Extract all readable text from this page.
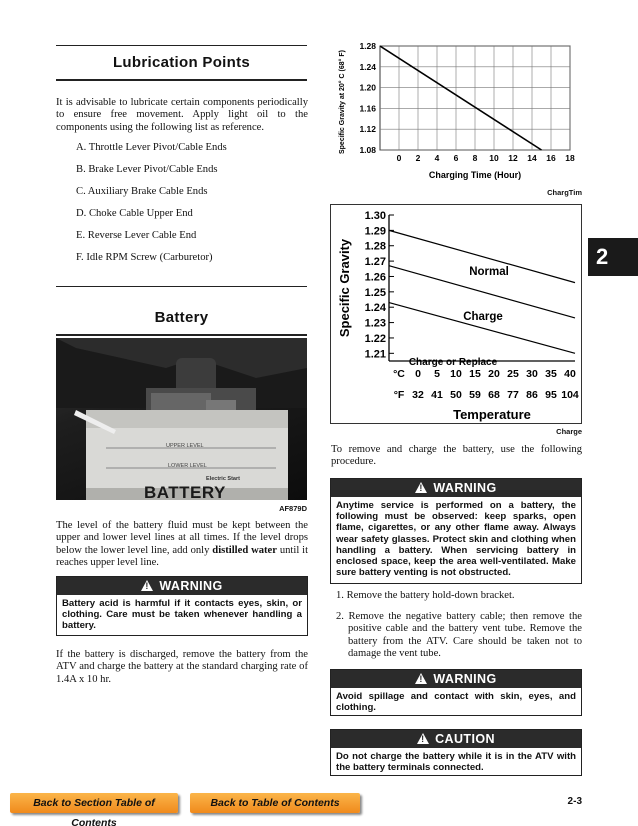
Lubrication Points
It is advisable to lubricate certain components periodically to ensure free movement. Apply light oil to the components using the following list as reference.
A. Throttle Lever Pivot/Cable Ends
B. Brake Lever Pivot/Cable Ends
C. Auxiliary Brake Cable Ends
D. Choke Cable Upper End
E. Reverse Lever Cable End
F. Idle RPM Screw (Carburetor)
Battery
UPPER LEVEL
LOWER LEVEL
Electric Start
BATTERY
AF879D
The level of the battery fluid must be kept between the upper and lower level lines at all times. If the level drops below the lower level line, add only distilled water until it reaches upper level line.
!WARNING
Battery acid is harmful if it contacts eyes, skin, or clothing. Care must be taken whenever handling a battery.
If the battery is discharged, remove the battery from the ATV and charge the battery at the standard charging rate of 1.4A x 10 hr.
1.08
1.12
1.16
1.20
1.24
1.28
0 2 4 6 8 10 12 14 16 18
Charging Time (Hour)
Specific Gravity at 20° C (68° F)
ChargTim
1.30
1.29
1.28
1.27
1.26
1.25
1.24
1.23
1.22
1.21
°C 0 5 10 15 20 25 30 35 40
°F 32 41 50 59 68 77 86 95 104
Normal
Charge
Charge or Replace
Temperature
Specific Gravity
Charge
To remove and charge the battery, use the following procedure.
!WARNING
Anytime service is performed on a battery, the following must be observed: keep sparks, open flame, cigarettes, or any other flame away. Always wear safety glasses. Protect skin and clothing when handling a battery. When servicing battery in enclosed space, keep the area well-ventilated. Make sure battery venting is not obstructed.
1. Remove the battery hold-down bracket.
2. Remove the negative battery cable; then remove the positive cable and the battery vent tube. Remove the battery from the ATV. Care should be taken not to damage the vent tube.
!WARNING
Avoid spillage and contact with skin, eyes, and clothing.
!CAUTION
Do not charge the battery while it is in the ATV with the battery terminals connected.
2
Back to Section Table of Contents
Back to Table of Contents	2-3
